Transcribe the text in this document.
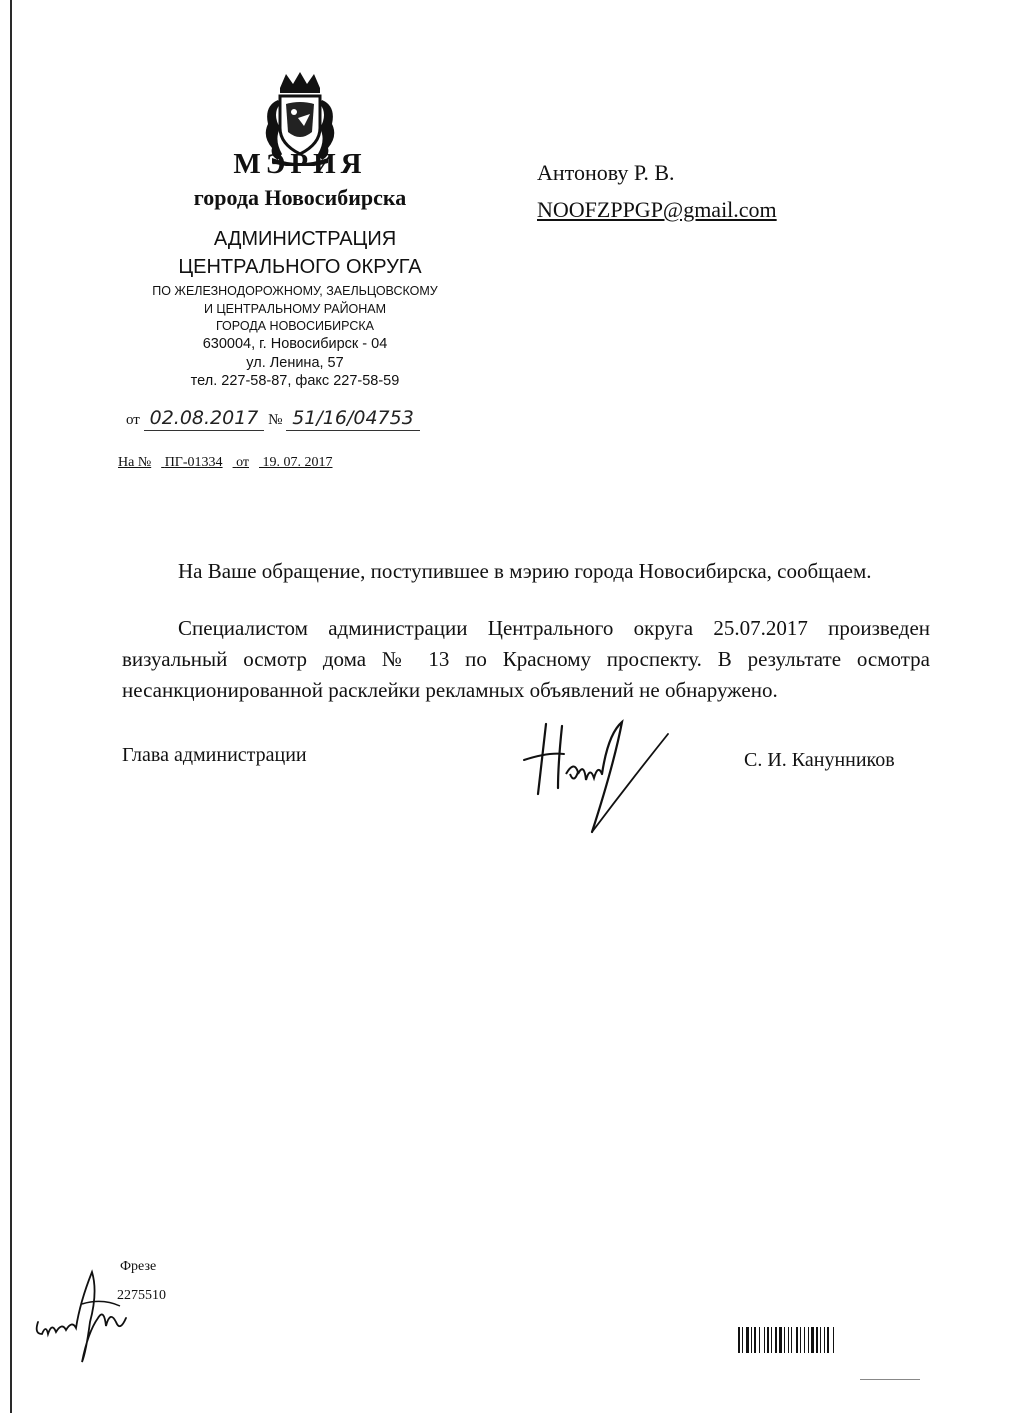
МЭРИЯ
города Новосибирска
АДМИНИСТРАЦИЯ
ЦЕНТРАЛЬНОГО ОКРУГА
ПО ЖЕЛЕЗНОДОРОЖНОМУ, ЗАЕЛЬЦОВСКОМУ
И ЦЕНТРАЛЬНОМУ РАЙОНАМ
ГОРОДА НОВОСИБИРСКА
630004, г. Новосибирск - 04
ул. Ленина, 57
тел. 227-58-87, факс 227-58-59
от 02.08.2017 № 51/16/04753
На № ПГ-01334 от 19. 07. 2017
Антонову Р. В.
NOOFZPPGP@gmail.com
На Ваше обращение, поступившее в мэрию города Новосибирска, сообщаем.
Специалистом администрации Центрального округа 25.07.2017 произведен визуальный осмотр дома № 13 по Красному проспекту. В результате осмотра несанкционированной расклейки рекламных объявлений не обнаружено.
Глава администрации	С. И. Канунников
Фрезе
2275510
